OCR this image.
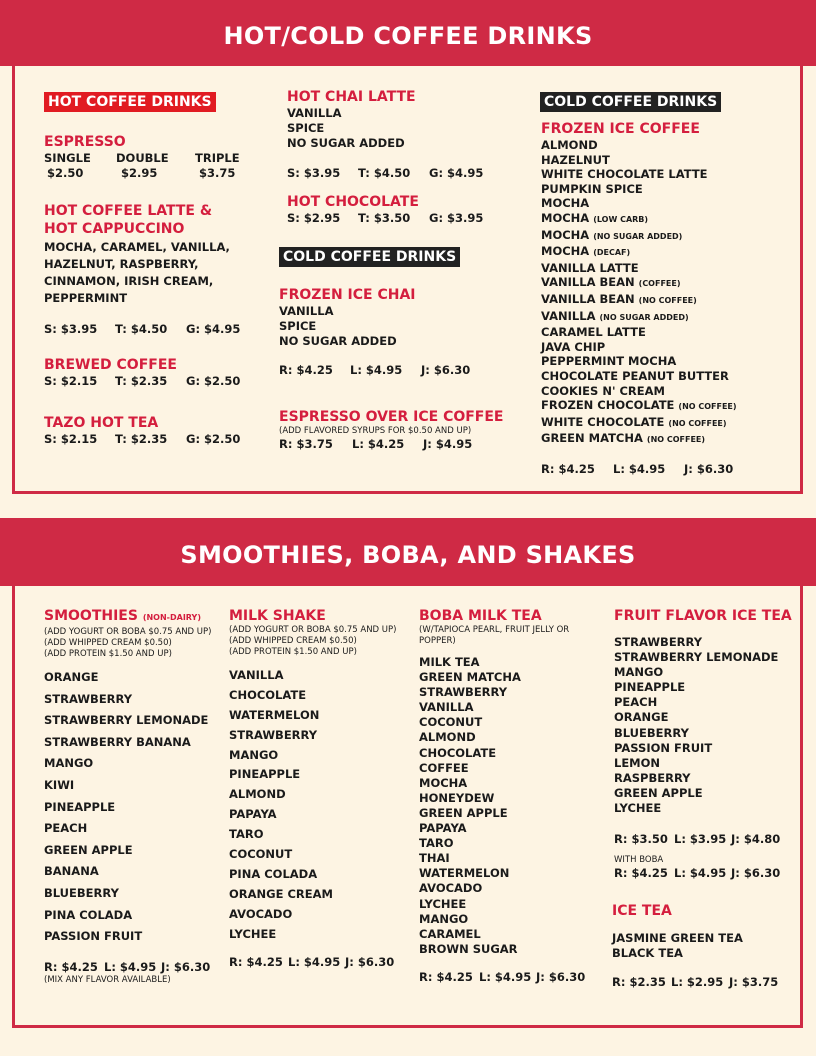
HOT/COLD COFFEE DRINKS
HOT COFFEE DRINKS
ESPRESSO
SINGLE	DOUBLE	TRIPLE
$2.50	$2.95	$3.75
HOT COFFEE LATTE &
HOT CAPPUCCINO
MOCHA, CARAMEL, VANILLA,
HAZELNUT, RASPBERRY,
CINNAMON, IRISH CREAM,
PEPPERMINT
S: $3.95	T: $4.50	G: $4.95
BREWED COFFEE
S: $2.15	T: $2.35	G: $2.50
TAZO HOT TEA
S: $2.15	T: $2.35	G: $2.50
HOT CHAI LATTE
VANILLA
SPICE
NO SUGAR ADDED
S: $3.95	T: $4.50	G: $4.95
HOT CHOCOLATE
S: $2.95	T: $3.50	G: $3.95
COLD COFFEE DRINKS
FROZEN ICE CHAI
VANILLA
SPICE
NO SUGAR ADDED
R: $4.25	L: $4.95	J: $6.30
ESPRESSO OVER ICE COFFEE
(ADD FLAVORED SYRUPS FOR $0.50 AND UP)
R: $3.75	L: $4.25	J: $4.95
COLD COFFEE DRINKS
FROZEN ICE COFFEE
ALMOND
HAZELNUT
WHITE CHOCOLATE LATTE
PUMPKIN SPICE
MOCHA
MOCHA (LOW CARB)
MOCHA (NO SUGAR ADDED)
MOCHA (DECAF)
VANILLA LATTE
VANILLA BEAN (COFFEE)
VANILLA BEAN (NO COFFEE)
VANILLA (NO SUGAR ADDED)
CARAMEL LATTE
JAVA CHIP
PEPPERMINT MOCHA
CHOCOLATE PEANUT BUTTER
COOKIES N' CREAM
FROZEN CHOCOLATE (NO COFFEE)
WHITE CHOCOLATE (NO COFFEE)
GREEN MATCHA (NO COFFEE)
R: $4.25	L: $4.95	J: $6.30
SMOOTHIES, BOBA, AND SHAKES
SMOOTHIES (NON-DAIRY)
(ADD YOGURT OR BOBA $0.75 AND UP)
(ADD WHIPPED CREAM $0.50)
(ADD PROTEIN $1.50 AND UP)
ORANGE
STRAWBERRY
STRAWBERRY LEMONADE
STRAWBERRY BANANA
MANGO
KIWI
PINEAPPLE
PEACH
GREEN APPLE
BANANA
BLUEBERRY
PINA COLADA
PASSION FRUIT
R: $4.25 L: $4.95 J: $6.30
(MIX ANY FLAVOR AVAILABLE)
MILK SHAKE
(ADD YOGURT OR BOBA $0.75 AND UP)
(ADD WHIPPED CREAM $0.50)
(ADD PROTEIN $1.50 AND UP)
VANILLA
CHOCOLATE
WATERMELON
STRAWBERRY
MANGO
PINEAPPLE
ALMOND
PAPAYA
TARO
COCONUT
PINA COLADA
ORANGE CREAM
AVOCADO
LYCHEE
R: $4.25 L: $4.95 J: $6.30
BOBA MILK TEA
(W/TAPIOCA PEARL, FRUIT JELLY OR POPPER)
MILK TEA
GREEN MATCHA
STRAWBERRY
VANILLA
COCONUT
ALMOND
CHOCOLATE
COFFEE
MOCHA
HONEYDEW
GREEN APPLE
PAPAYA
TARO
THAI
WATERMELON
AVOCADO
LYCHEE
MANGO
CARAMEL
BROWN SUGAR
R: $4.25 L: $4.95 J: $6.30
FRUIT FLAVOR ICE TEA
STRAWBERRY
STRAWBERRY LEMONADE
MANGO
PINEAPPLE
PEACH
ORANGE
BLUEBERRY
PASSION FRUIT
LEMON
RASPBERRY
GREEN APPLE
LYCHEE
R: $3.50 L: $3.95 J: $4.80
WITH BOBA
R: $4.25 L: $4.95 J: $6.30
ICE TEA
JASMINE GREEN TEA
BLACK TEA
R: $2.35 L: $2.95 J: $3.75
